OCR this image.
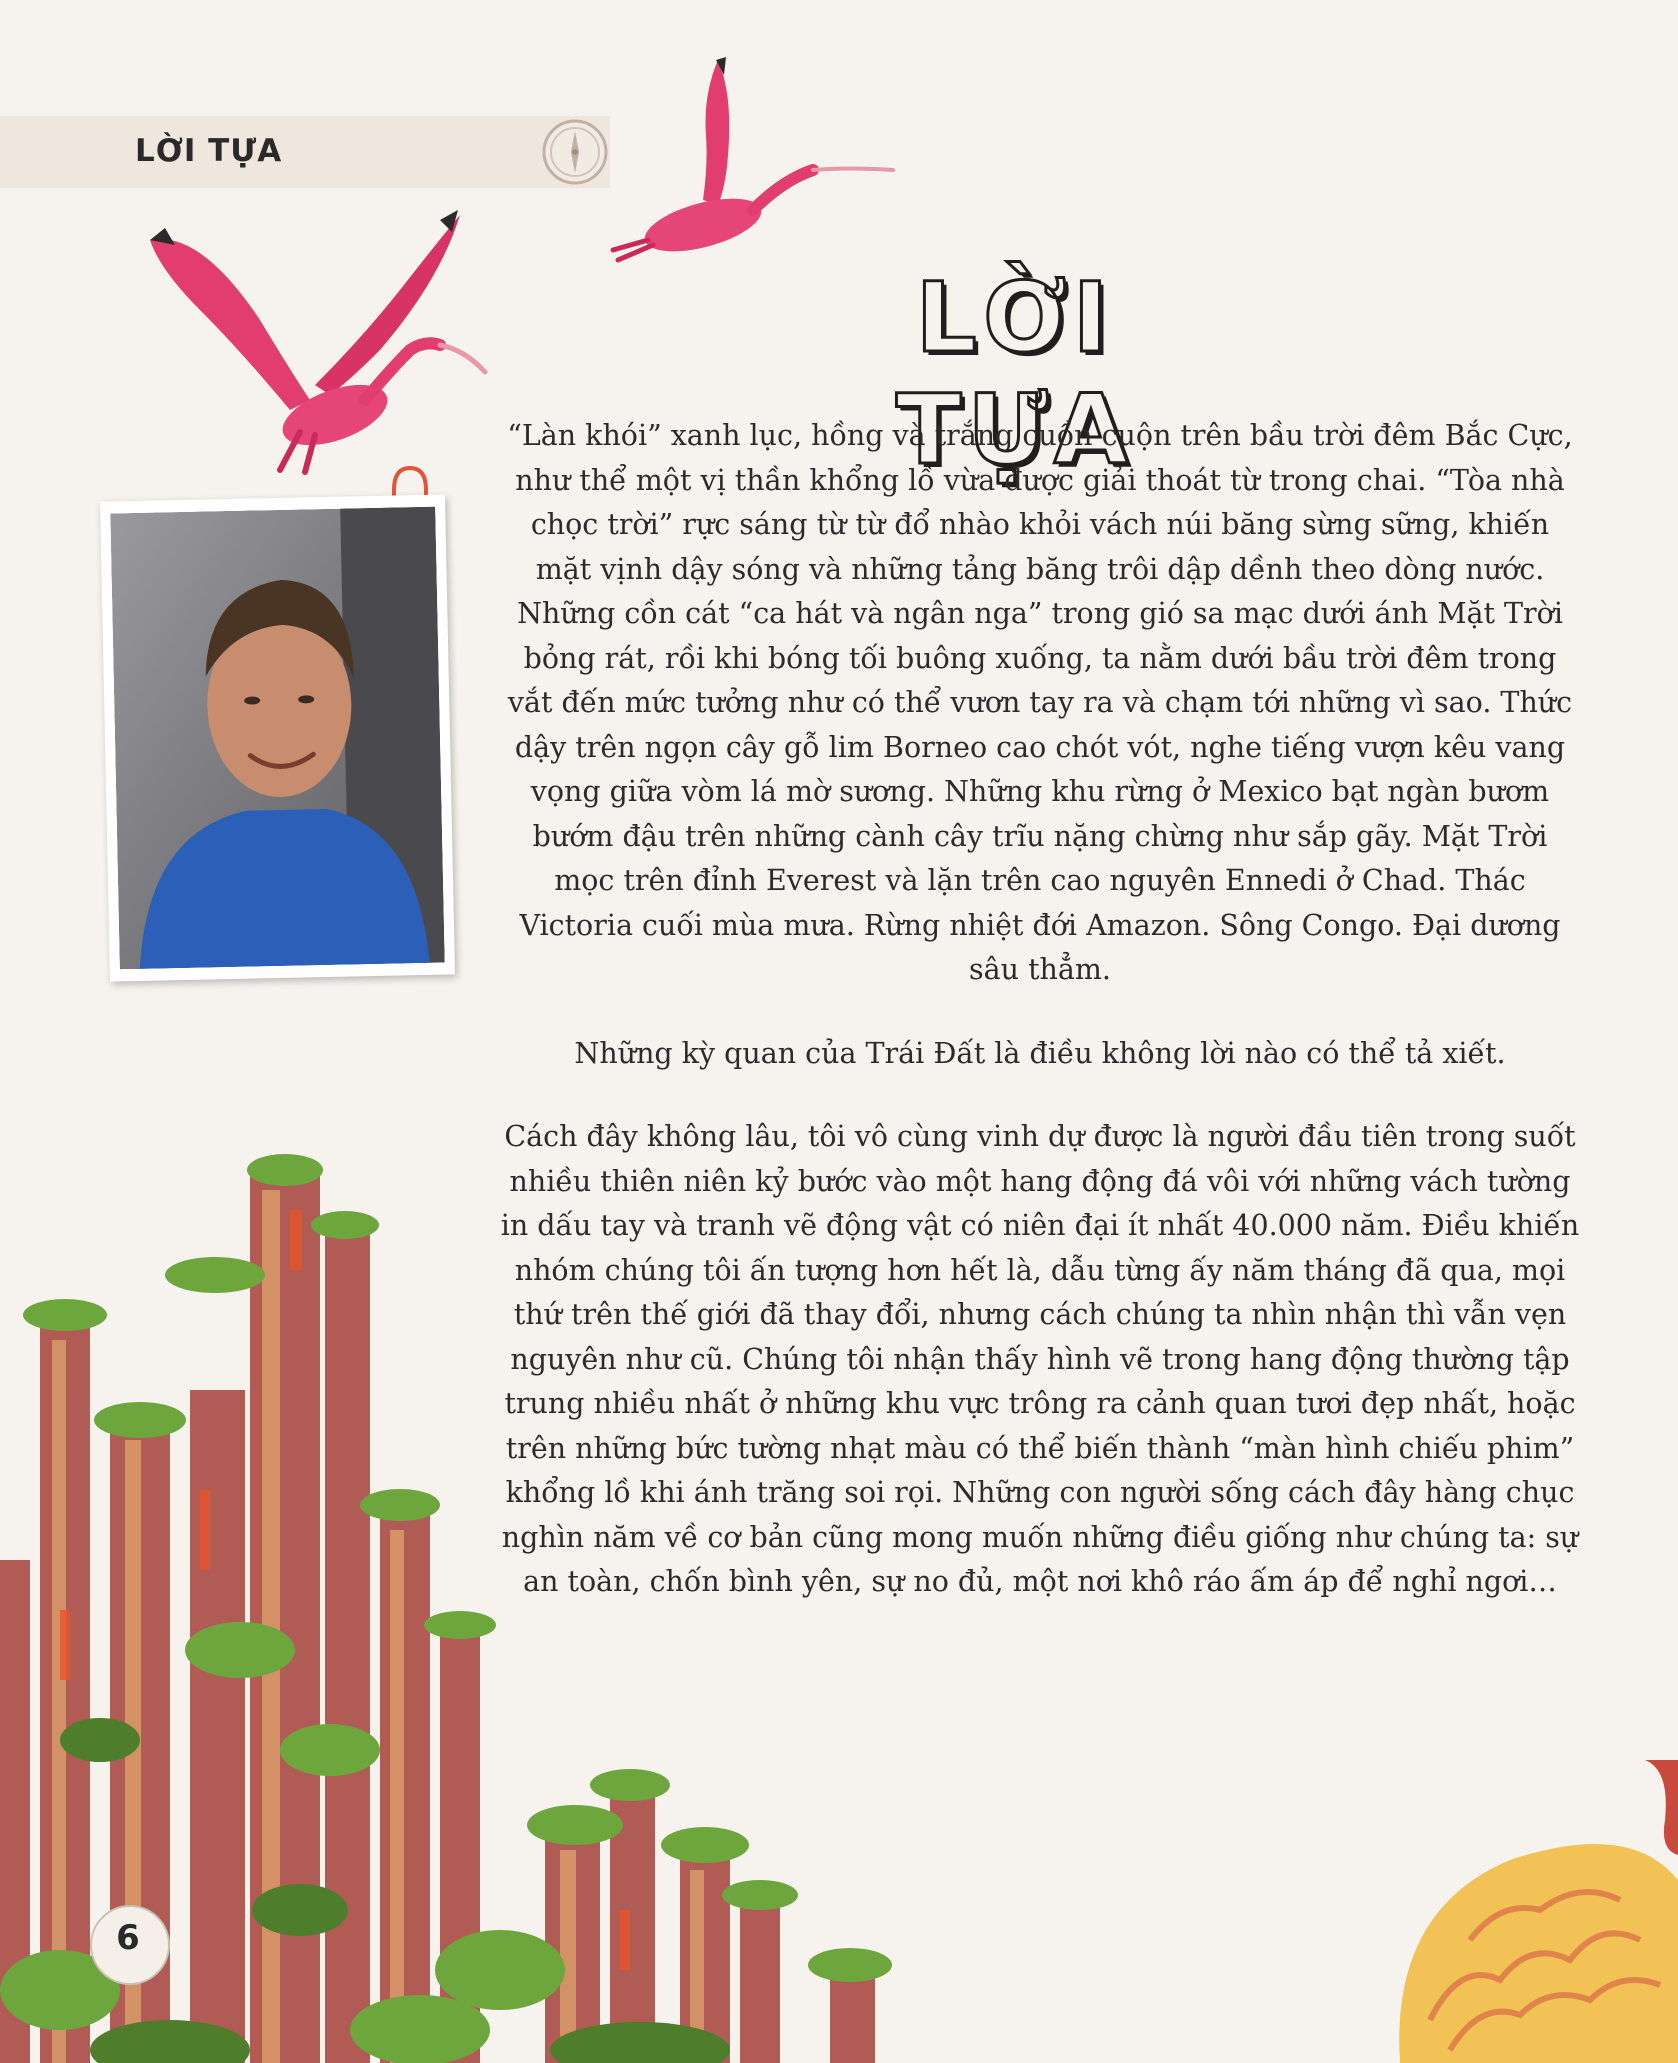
LỜI TỰA
LỜI TỰA

“Làn khói” xanh lục, hồng và trắng cuồn cuộn trên bầu trời đêm Bắc Cực, như thể một vị thần khổng lồ vừa được giải thoát từ trong chai. “Tòa nhà chọc trời” rực sáng từ từ đổ nhào khỏi vách núi băng sừng sững, khiến mặt vịnh dậy sóng và những tảng băng trôi dập dềnh theo dòng nước. Những cồn cát “ca hát và ngân nga” trong gió sa mạc dưới ánh Mặt Trời bỏng rát, rồi khi bóng tối buông xuống, ta nằm dưới bầu trời đêm trong vắt đến mức tưởng như có thể vươn tay ra và chạm tới những vì sao. Thức dậy trên ngọn cây gỗ lim Borneo cao chót vót, nghe tiếng vượn kêu vang vọng giữa vòm lá mờ sương. Những khu rừng ở Mexico bạt ngàn bươm bướm đậu trên những cành cây trĩu nặng chừng như sắp gãy. Mặt Trời mọc trên đỉnh Everest và lặn trên cao nguyên Ennedi ở Chad. Thác Victoria cuối mùa mưa. Rừng nhiệt đới Amazon. Sông Congo. Đại dương sâu thẳm.

Những kỳ quan của Trái Đất là điều không lời nào có thể tả xiết.

Cách đây không lâu, tôi vô cùng vinh dự được là người đầu tiên trong suốt nhiều thiên niên kỷ bước vào một hang động đá vôi với những vách tường in dấu tay và tranh vẽ động vật có niên đại ít nhất 40.000 năm. Điều khiến nhóm chúng tôi ấn tượng hơn hết là, dẫu từng ấy năm tháng đã qua, mọi thứ trên thế giới đã thay đổi, nhưng cách chúng ta nhìn nhận thì vẫn vẹn nguyên như cũ. Chúng tôi nhận thấy hình vẽ trong hang động thường tập trung nhiều nhất ở những khu vực trông ra cảnh quan tươi đẹp nhất, hoặc trên những bức tường nhạt màu có thể biến thành “màn hình chiếu phim” khổng lồ khi ánh trăng soi rọi. Những con người sống cách đây hàng chục nghìn năm về cơ bản cũng mong muốn những điều giống như chúng ta: sự an toàn, chốn bình yên, sự no đủ, một nơi khô ráo ấm áp để nghỉ ngơi…

6
